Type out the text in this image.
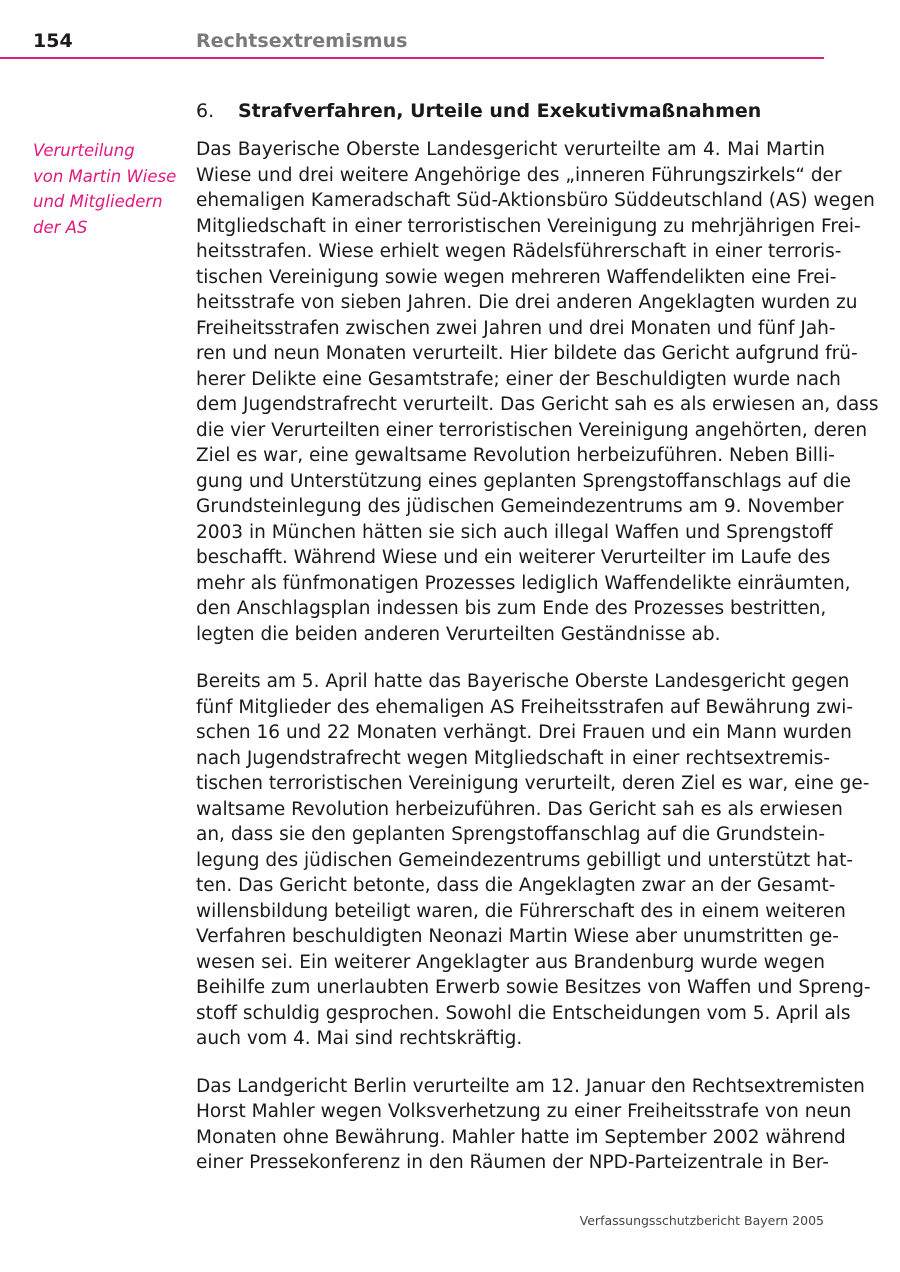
154	Rechtsextremismus
6. Strafverfahren, Urteile und Exekutivmaßnahmen
Verurteilung
von Martin Wiese
und Mitgliedern
der AS
Das Bayerische Oberste Landesgericht verurteilte am 4. Mai Martin
Wiese und drei weitere Angehörige des „inneren Führungszirkels“ der
ehemaligen Kameradschaft Süd-Aktionsbüro Süddeutschland (AS) wegen
Mitgliedschaft in einer terroristischen Vereinigung zu mehrjährigen Frei-
heitsstrafen. Wiese erhielt wegen Rädelsführerschaft in einer terroris-
tischen Vereinigung sowie wegen mehreren Waffendelikten eine Frei-
heitsstrafe von sieben Jahren. Die drei anderen Angeklagten wurden zu
Freiheitsstrafen zwischen zwei Jahren und drei Monaten und fünf Jah-
ren und neun Monaten verurteilt. Hier bildete das Gericht aufgrund frü-
herer Delikte eine Gesamtstrafe; einer der Beschuldigten wurde nach
dem Jugendstrafrecht verurteilt. Das Gericht sah es als erwiesen an, dass
die vier Verurteilten einer terroristischen Vereinigung angehörten, deren
Ziel es war, eine gewaltsame Revolution herbeizuführen. Neben Billi-
gung und Unterstützung eines geplanten Sprengstoffanschlags auf die
Grundsteinlegung des jüdischen Gemeindezentrums am 9. November
2003 in München hätten sie sich auch illegal Waffen und Sprengstoff
beschafft. Während Wiese und ein weiterer Verurteilter im Laufe des
mehr als fünfmonatigen Prozesses lediglich Waffendelikte einräumten,
den Anschlagsplan indessen bis zum Ende des Prozesses bestritten,
legten die beiden anderen Verurteilten Geständnisse ab.
Bereits am 5. April hatte das Bayerische Oberste Landesgericht gegen
fünf Mitglieder des ehemaligen AS Freiheitsstrafen auf Bewährung zwi-
schen 16 und 22 Monaten verhängt. Drei Frauen und ein Mann wurden
nach Jugendstrafrecht wegen Mitgliedschaft in einer rechtsextremis-
tischen terroristischen Vereinigung verurteilt, deren Ziel es war, eine ge-
waltsame Revolution herbeizuführen. Das Gericht sah es als erwiesen
an, dass sie den geplanten Sprengstoffanschlag auf die Grundstein-
legung des jüdischen Gemeindezentrums gebilligt und unterstützt hat-
ten. Das Gericht betonte, dass die Angeklagten zwar an der Gesamt-
willensbildung beteiligt waren, die Führerschaft des in einem weiteren
Verfahren beschuldigten Neonazi Martin Wiese aber unumstritten ge-
wesen sei. Ein weiterer Angeklagter aus Brandenburg wurde wegen
Beihilfe zum unerlaubten Erwerb sowie Besitzes von Waffen und Spreng-
stoff schuldig gesprochen. Sowohl die Entscheidungen vom 5. April als
auch vom 4. Mai sind rechtskräftig.
Das Landgericht Berlin verurteilte am 12. Januar den Rechtsextremisten
Horst Mahler wegen Volksverhetzung zu einer Freiheitsstrafe von neun
Monaten ohne Bewährung. Mahler hatte im September 2002 während
einer Pressekonferenz in den Räumen der NPD-Parteizentrale in Ber-
Verfassungsschutzbericht Bayern 2005
